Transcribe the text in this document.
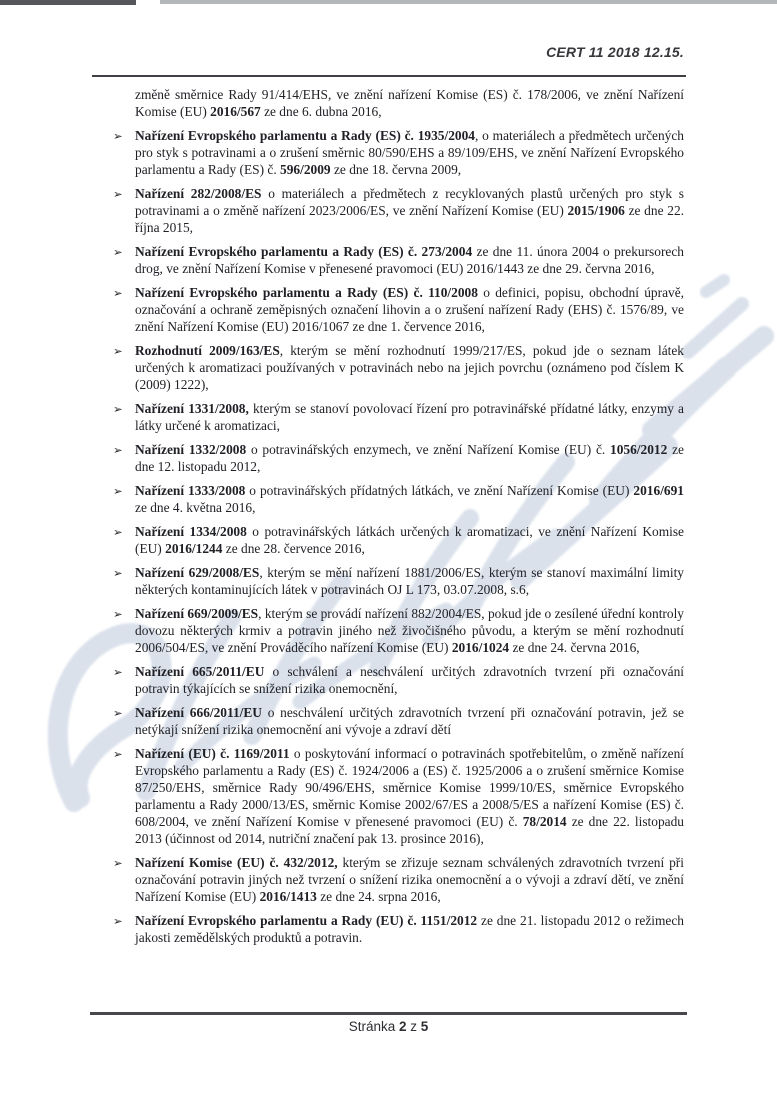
CERT 11 2018 12.15.
změně směrnice Rady 91/414/EHS, ve znění nařízení Komise (ES) č. 178/2006, ve znění Nařízení Komise (EU) 2016/567 ze dne 6. dubna 2016,
➢ Nařízení Evropského parlamentu a Rady (ES) č. 1935/2004, o materiálech a předmětech určených pro styk s potravinami a o zrušení směrnic 80/590/EHS a 89/109/EHS, ve znění Nařízení Evropského parlamentu a Rady (ES) č. 596/2009 ze dne 18. června 2009,
➢ Nařízení 282/2008/ES o materiálech a předmětech z recyklovaných plastů určených pro styk s potravinami a o změně nařízení 2023/2006/ES, ve znění Nařízení Komise (EU) 2015/1906 ze dne 22. října 2015,
➢ Nařízení Evropského parlamentu a Rady (ES) č. 273/2004 ze dne 11. února 2004 o prekursorech drog, ve znění Nařízení Komise v přenesené pravomoci (EU) 2016/1443 ze dne 29. června 2016,
➢ Nařízení Evropského parlamentu a Rady (ES) č. 110/2008 o definici, popisu, obchodní úpravě, označování a ochraně zeměpisných označení lihovin a o zrušení nařízení Rady (EHS) č. 1576/89, ve znění Nařízení Komise (EU) 2016/1067 ze dne 1. července 2016,
➢ Rozhodnutí 2009/163/ES, kterým se mění rozhodnutí 1999/217/ES, pokud jde o seznam látek určených k aromatizaci používaných v potravinách nebo na jejich povrchu (oznámeno pod číslem K (2009) 1222),
➢ Nařízení 1331/2008, kterým se stanoví povolovací řízení pro potravinářské přídatné látky, enzymy a látky určené k aromatizaci,
➢ Nařízení 1332/2008 o potravinářských enzymech, ve znění Nařízení Komise (EU) č. 1056/2012 ze dne 12. listopadu 2012,
➢ Nařízení 1333/2008 o potravinářských přídatných látkách, ve znění Nařízení Komise (EU) 2016/691 ze dne 4. května 2016,
➢ Nařízení 1334/2008 o potravinářských látkách určených k aromatizaci, ve znění Nařízení Komise (EU) 2016/1244 ze dne 28. července 2016,
➢ Nařízení 629/2008/ES, kterým se mění nařízení 1881/2006/ES, kterým se stanoví maximální limity některých kontaminujících látek v potravinách OJ L 173, 03.07.2008, s.6,
➢ Nařízení 669/2009/ES, kterým se provádí nařízení 882/2004/ES, pokud jde o zesílené úřední kontroly dovozu některých krmiv a potravin jiného než živočišného původu, a kterým se mění rozhodnutí 2006/504/ES, ve znění Prováděcího nařízení Komise (EU) 2016/1024 ze dne 24. června 2016,
➢ Nařízení 665/2011/EU o schválení a neschválení určitých zdravotních tvrzení při označování potravin týkajících se snížení rizika onemocnění,
➢ Nařízení 666/2011/EU o neschválení určitých zdravotních tvrzení při označování potravin, jež se netýkají snížení rizika onemocnění ani vývoje a zdraví dětí
➢ Nařízení (EU) č. 1169/2011 o poskytování informací o potravinách spotřebitelům, o změně nařízení Evropského parlamentu a Rady (ES) č. 1924/2006 a (ES) č. 1925/2006 a o zrušení směrnice Komise 87/250/EHS, směrnice Rady 90/496/EHS, směrnice Komise 1999/10/ES, směrnice Evropského parlamentu a Rady 2000/13/ES, směrnic Komise 2002/67/ES a 2008/5/ES a nařízení Komise (ES) č. 608/2004, ve znění Nařízení Komise v přenesené pravomoci (EU) č. 78/2014 ze dne 22. listopadu 2013 (účinnost od 2014, nutriční značení pak 13. prosince 2016),
➢ Nařízení Komise (EU) č. 432/2012, kterým se zřizuje seznam schválených zdravotních tvrzení při označování potravin jiných než tvrzení o snížení rizika onemocnění a o vývoji a zdraví dětí, ve znění Nařízení Komise (EU) 2016/1413 ze dne 24. srpna 2016,
➢ Nařízení Evropského parlamentu a Rady (EU) č. 1151/2012 ze dne 21. listopadu 2012 o režimech jakosti zemědělských produktů a potravin.
Stránka 2 z 5
